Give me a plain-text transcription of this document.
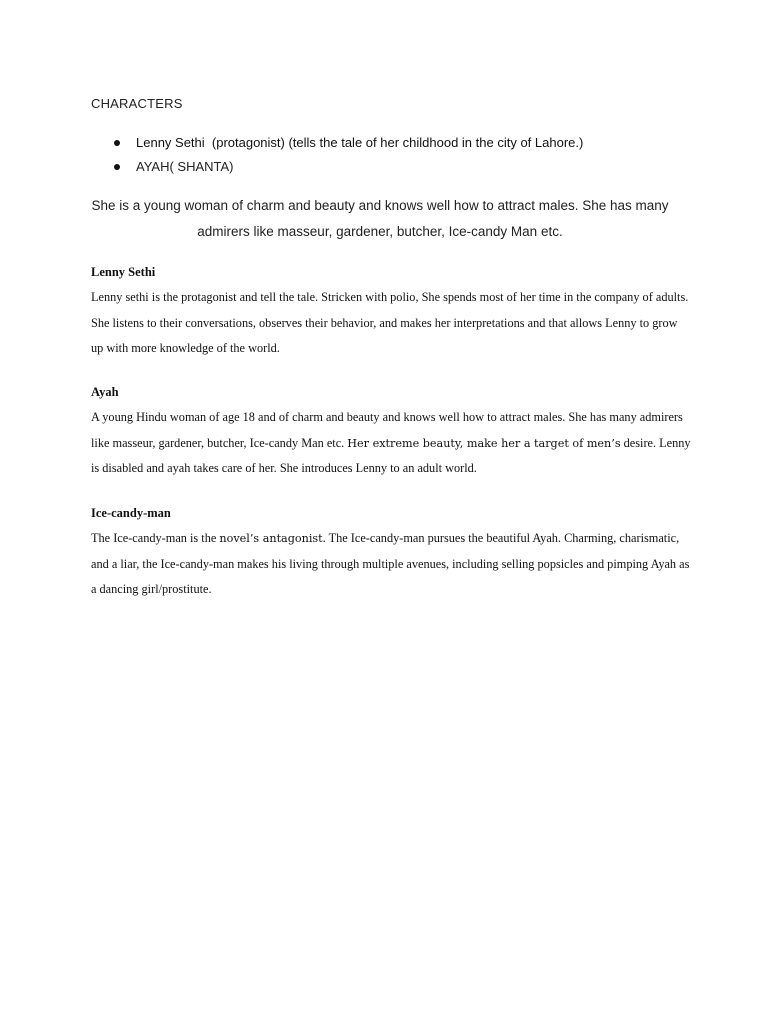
CHARACTERS
Lenny Sethi  (protagonist) (tells the tale of her childhood in the city of Lahore.)
AYAH( SHANTA)
She is a young woman of charm and beauty and knows well how to attract males. She has many admirers like masseur, gardener, butcher, Ice-candy Man etc.
Lenny Sethi
Lenny sethi is the protagonist and tell the tale. Stricken with polio, She spends most of her time in the company of adults. She listens to their conversations, observes their behavior, and makes her interpretations and that allows Lenny to grow up with more knowledge of the world.
Ayah
A young Hindu woman of age 18 and of charm and beauty and knows well how to attract males. She has many admirers like masseur, gardener, butcher, Ice-candy Man etc. Her extreme beauty, make her a target of men’s desire. Lenny is disabled and ayah takes care of her. She introduces Lenny to an adult world.
Ice-candy-man
The Ice-candy-man is the novel’s antagonist. The Ice-candy-man pursues the beautiful Ayah. Charming, charismatic, and a liar, the Ice-candy-man makes his living through multiple avenues, including selling popsicles and pimping Ayah as a dancing girl/prostitute.
